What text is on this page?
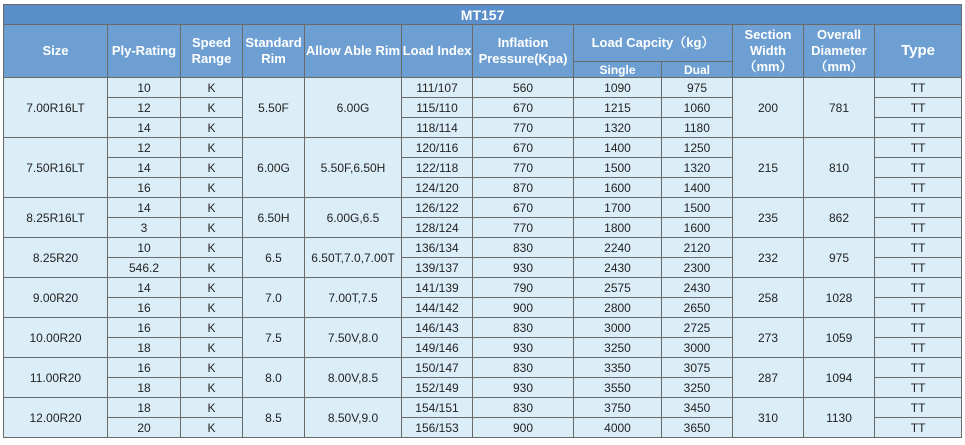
MT157											
Size	Ply-Rating	Speed Range	Standard Rim	Allow Able Rim	Load Index	Inflation Pressure(Kpa)	Load Capcity（kg）		Section Width （mm）	Overall Diameter （mm）	Type
							Single	Dual			
7.00R16LT	10	K	5.50F	6.00G	111/107	560	1090	975	200	781	TT
	12	K			115/110	670	1215	1060			TT
	14	K			118/114	770	1320	1180			TT
7.50R16LT	12	K	6.00G	5.50F,6.50H	120/116	670	1400	1250	215	810	TT
	14	K			122/118	770	1500	1320			TT
	16	K			124/120	870	1600	1400			TT
8.25R16LT	14	K	6.50H	6.00G,6.5	126/122	670	1700	1500	235	862	TT
	3	K			128/124	770	1800	1600			TT
8.25R20	10	K	6.5	6.50T,7.0,7.00T	136/134	830	2240	2120	232	975	TT
	546.2	K			139/137	930	2430	2300			TT
9.00R20	14	K	7.0	7.00T,7.5	141/139	790	2575	2430	258	1028	TT
	16	K			144/142	900	2800	2650			TT
10.00R20	16	K	7.5	7.50V,8.0	146/143	830	3000	2725	273	1059	TT
	18	K			149/146	930	3250	3000			TT
11.00R20	16	K	8.0	8.00V,8.5	150/147	830	3350	3075	287	1094	TT
	18	K			152/149	930	3550	3250			TT
12.00R20	18	K	8.5	8.50V,9.0	154/151	830	3750	3450	310	1130	TT
	20	K			156/153	900	4000	3650			TT
